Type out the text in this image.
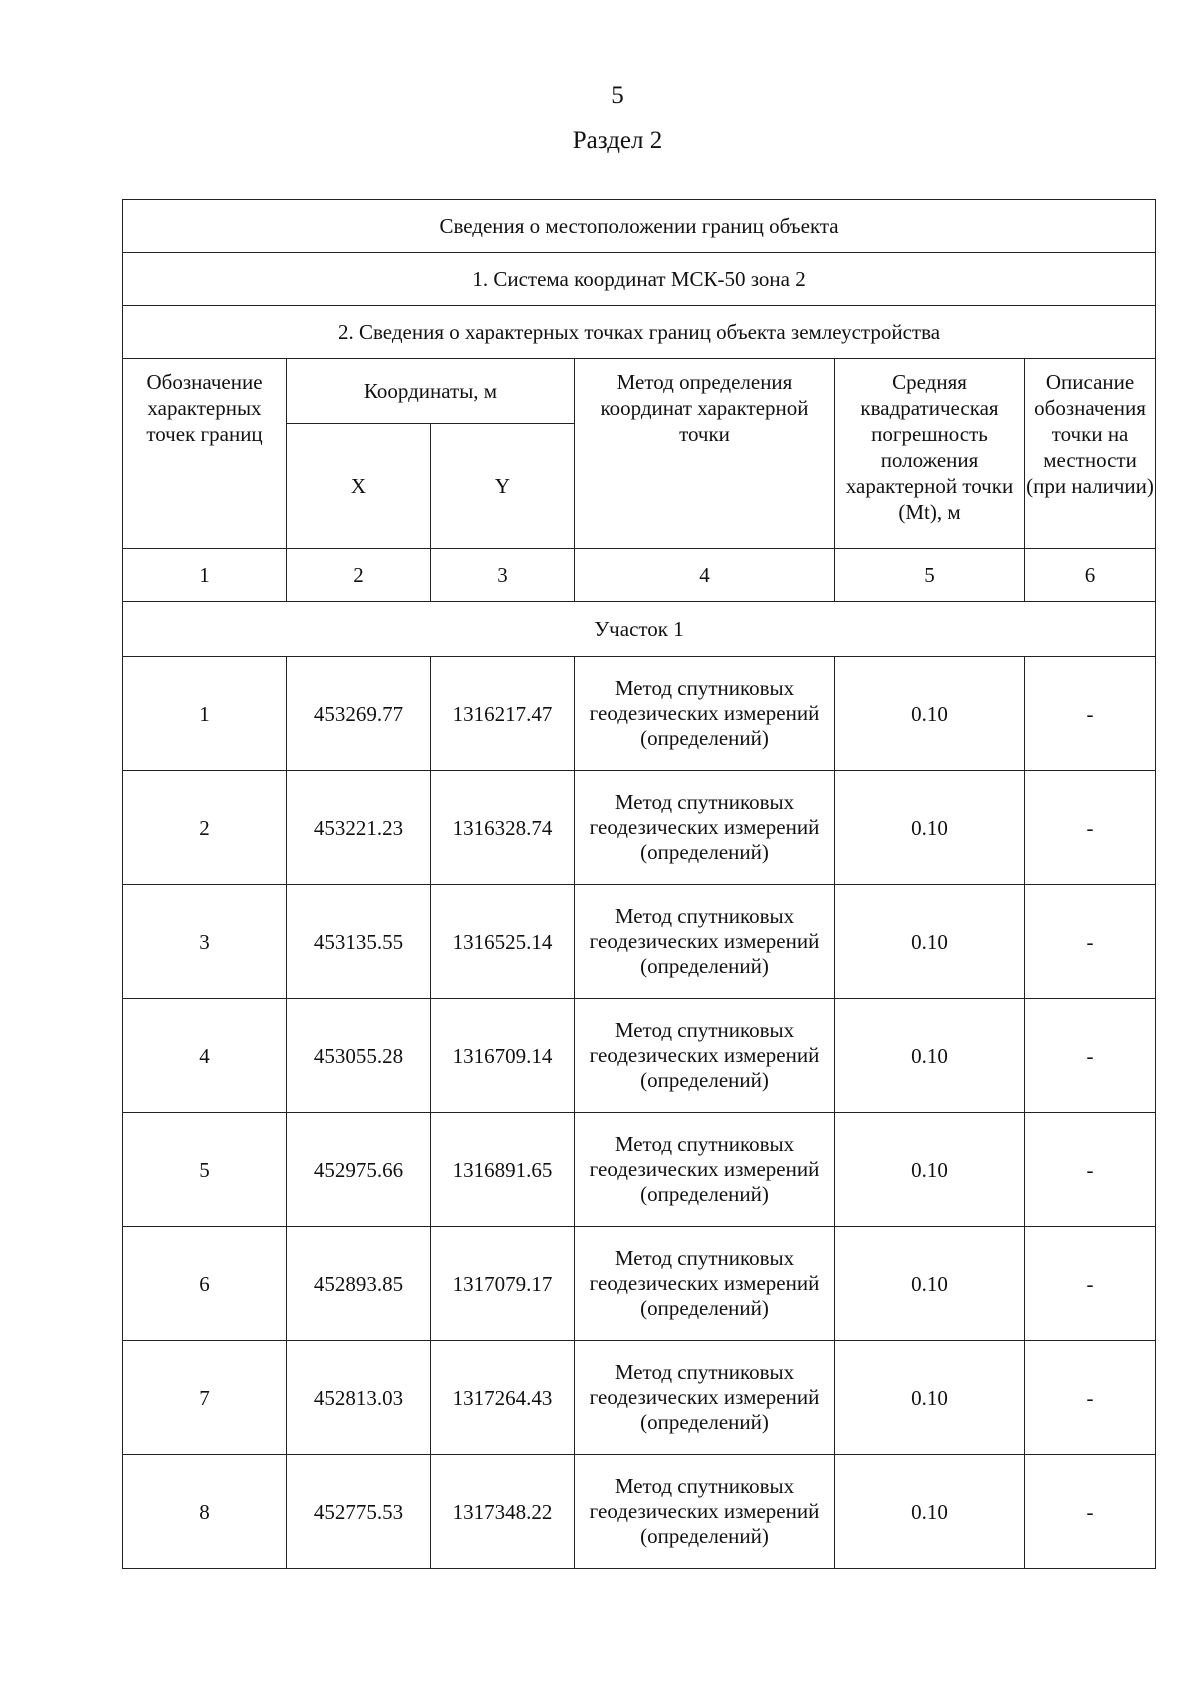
5
Раздел 2
Сведения о местоположении границ объекта					
1. Система координат МСК-50 зона 2					
2. Сведения о характерных точках границ объекта землеустройства					
Обозначение характерных точек границ	Координаты, м		Метод определения координат характерной точки	Средняя квадратическая погрешность положения характерной точки (Mt), м	Описание обозначения точки на местности (при наличии)
	X	Y			
1	2	3	4	5	6
Участок 1					
1	453269.77	1316217.47	Метод спутниковых геодезических измерений (определений)	0.10	-
2	453221.23	1316328.74	Метод спутниковых геодезических измерений (определений)	0.10	-
3	453135.55	1316525.14	Метод спутниковых геодезических измерений (определений)	0.10	-
4	453055.28	1316709.14	Метод спутниковых геодезических измерений (определений)	0.10	-
5	452975.66	1316891.65	Метод спутниковых геодезических измерений (определений)	0.10	-
6	452893.85	1317079.17	Метод спутниковых геодезических измерений (определений)	0.10	-
7	452813.03	1317264.43	Метод спутниковых геодезических измерений (определений)	0.10	-
8	452775.53	1317348.22	Метод спутниковых геодезических измерений (определений)	0.10	-
